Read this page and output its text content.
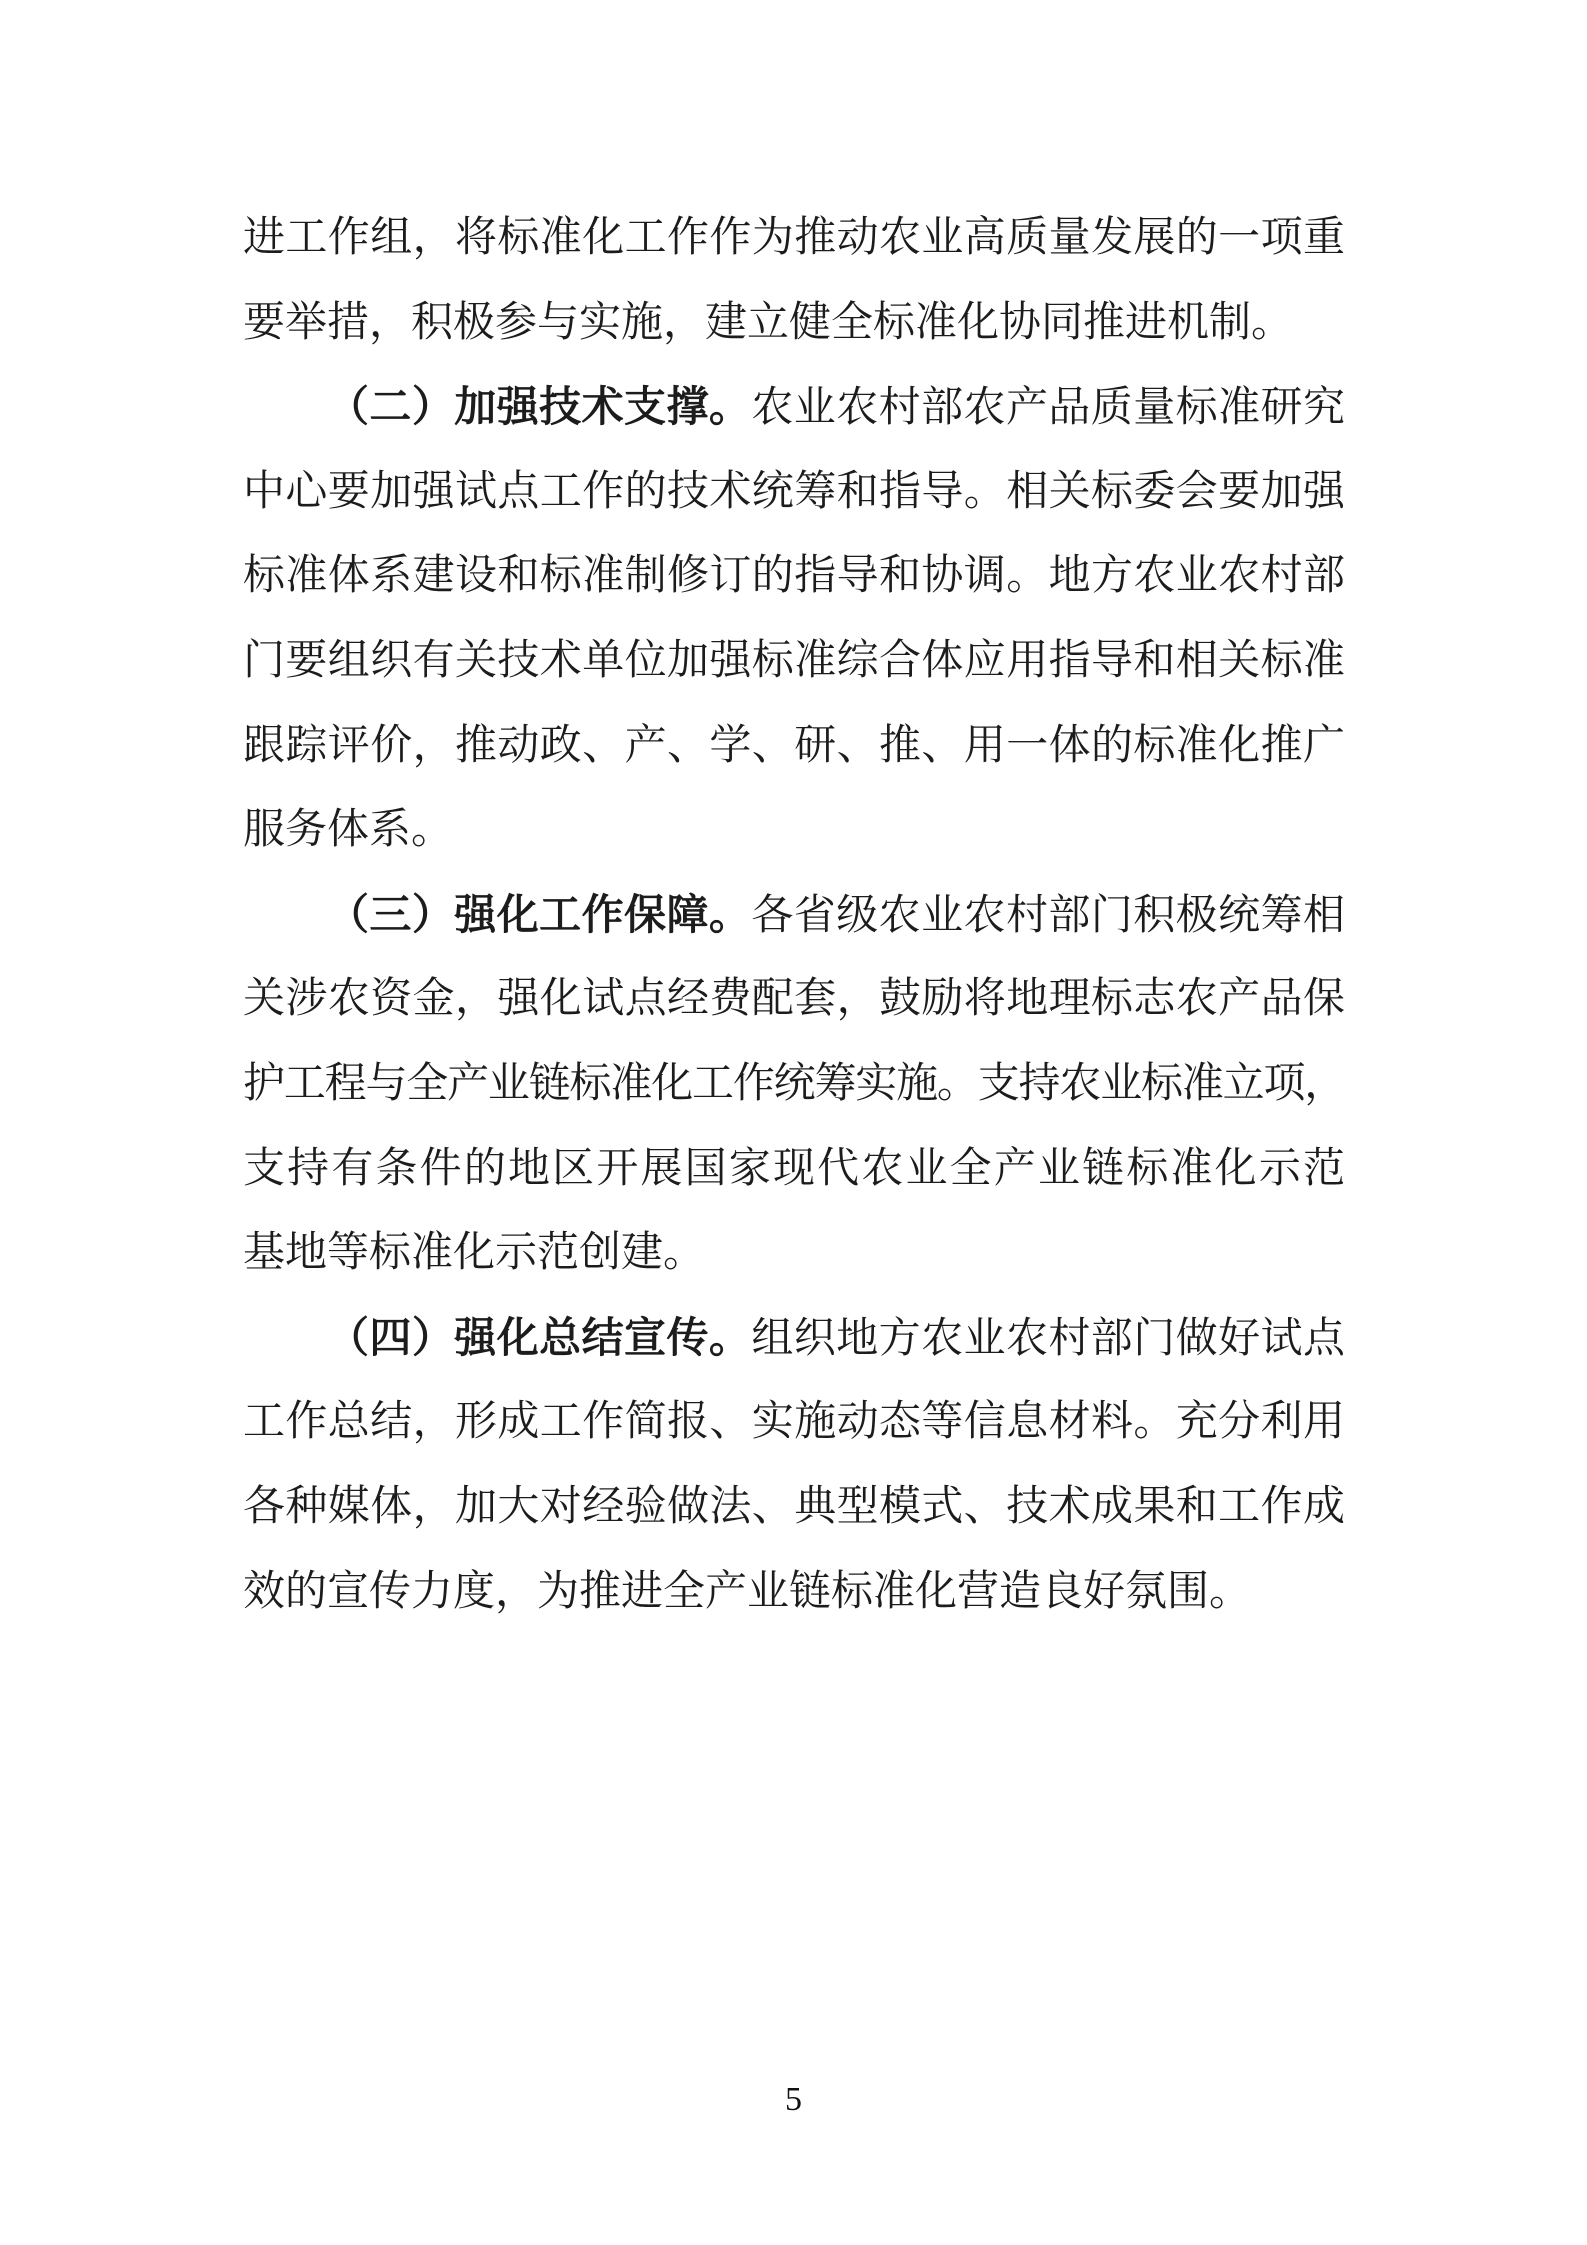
进工作组，将标准化工作作为推动农业高质量发展的一项重
要举措，积极参与实施，建立健全标准化协同推进机制。
（二）加强技术支撑。农业农村部农产品质量标准研究
中心要加强试点工作的技术统筹和指导。相关标委会要加强
标准体系建设和标准制修订的指导和协调。地方农业农村部
门要组织有关技术单位加强标准综合体应用指导和相关标准
跟踪评价，推动政、产、学、研、推、用一体的标准化推广
服务体系。
（三）强化工作保障。各省级农业农村部门积极统筹相
关涉农资金，强化试点经费配套，鼓励将地理标志农产品保
护工程与全产业链标准化工作统筹实施。支持农业标准立项，
支持有条件的地区开展国家现代农业全产业链标准化示范
基地等标准化示范创建。
（四）强化总结宣传。组织地方农业农村部门做好试点
工作总结，形成工作简报、实施动态等信息材料。充分利用
各种媒体，加大对经验做法、典型模式、技术成果和工作成
效的宣传力度，为推进全产业链标准化营造良好氛围。
5
